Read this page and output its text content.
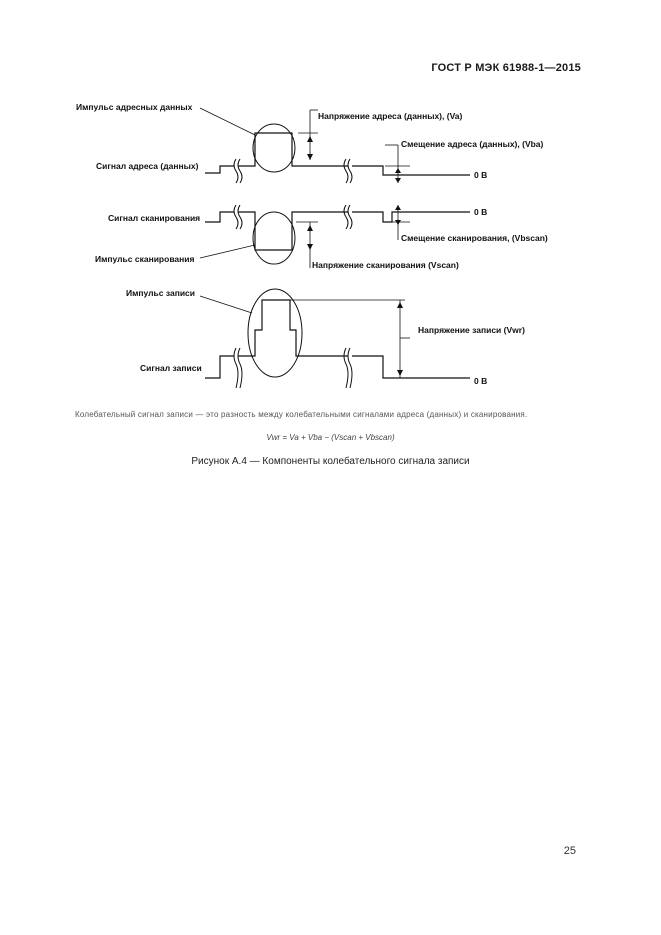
ГОСТ Р МЭК 61988-1—2015
Импульс адресных данных
Напряжение адреса (данных), (Va)
Смещение адреса (данных), (Vba)
Сигнал адреса (данных)
0 В
Сигнал сканирования
0 В
Смещение сканирования, (Vbscan)
Импульс сканирования
Напряжение сканирования (Vscan)
Импульс записи
Напряжение записи (Vwr)
Сигнал записи
0 В
Колебательный сигнал записи — это разность между колебательными сигналами адреса (данных) и сканирования.
Vwr = Va + Vba − (Vscan + Vbscan)
Рисунок А.4 — Компоненты колебательного сигнала записи
25
